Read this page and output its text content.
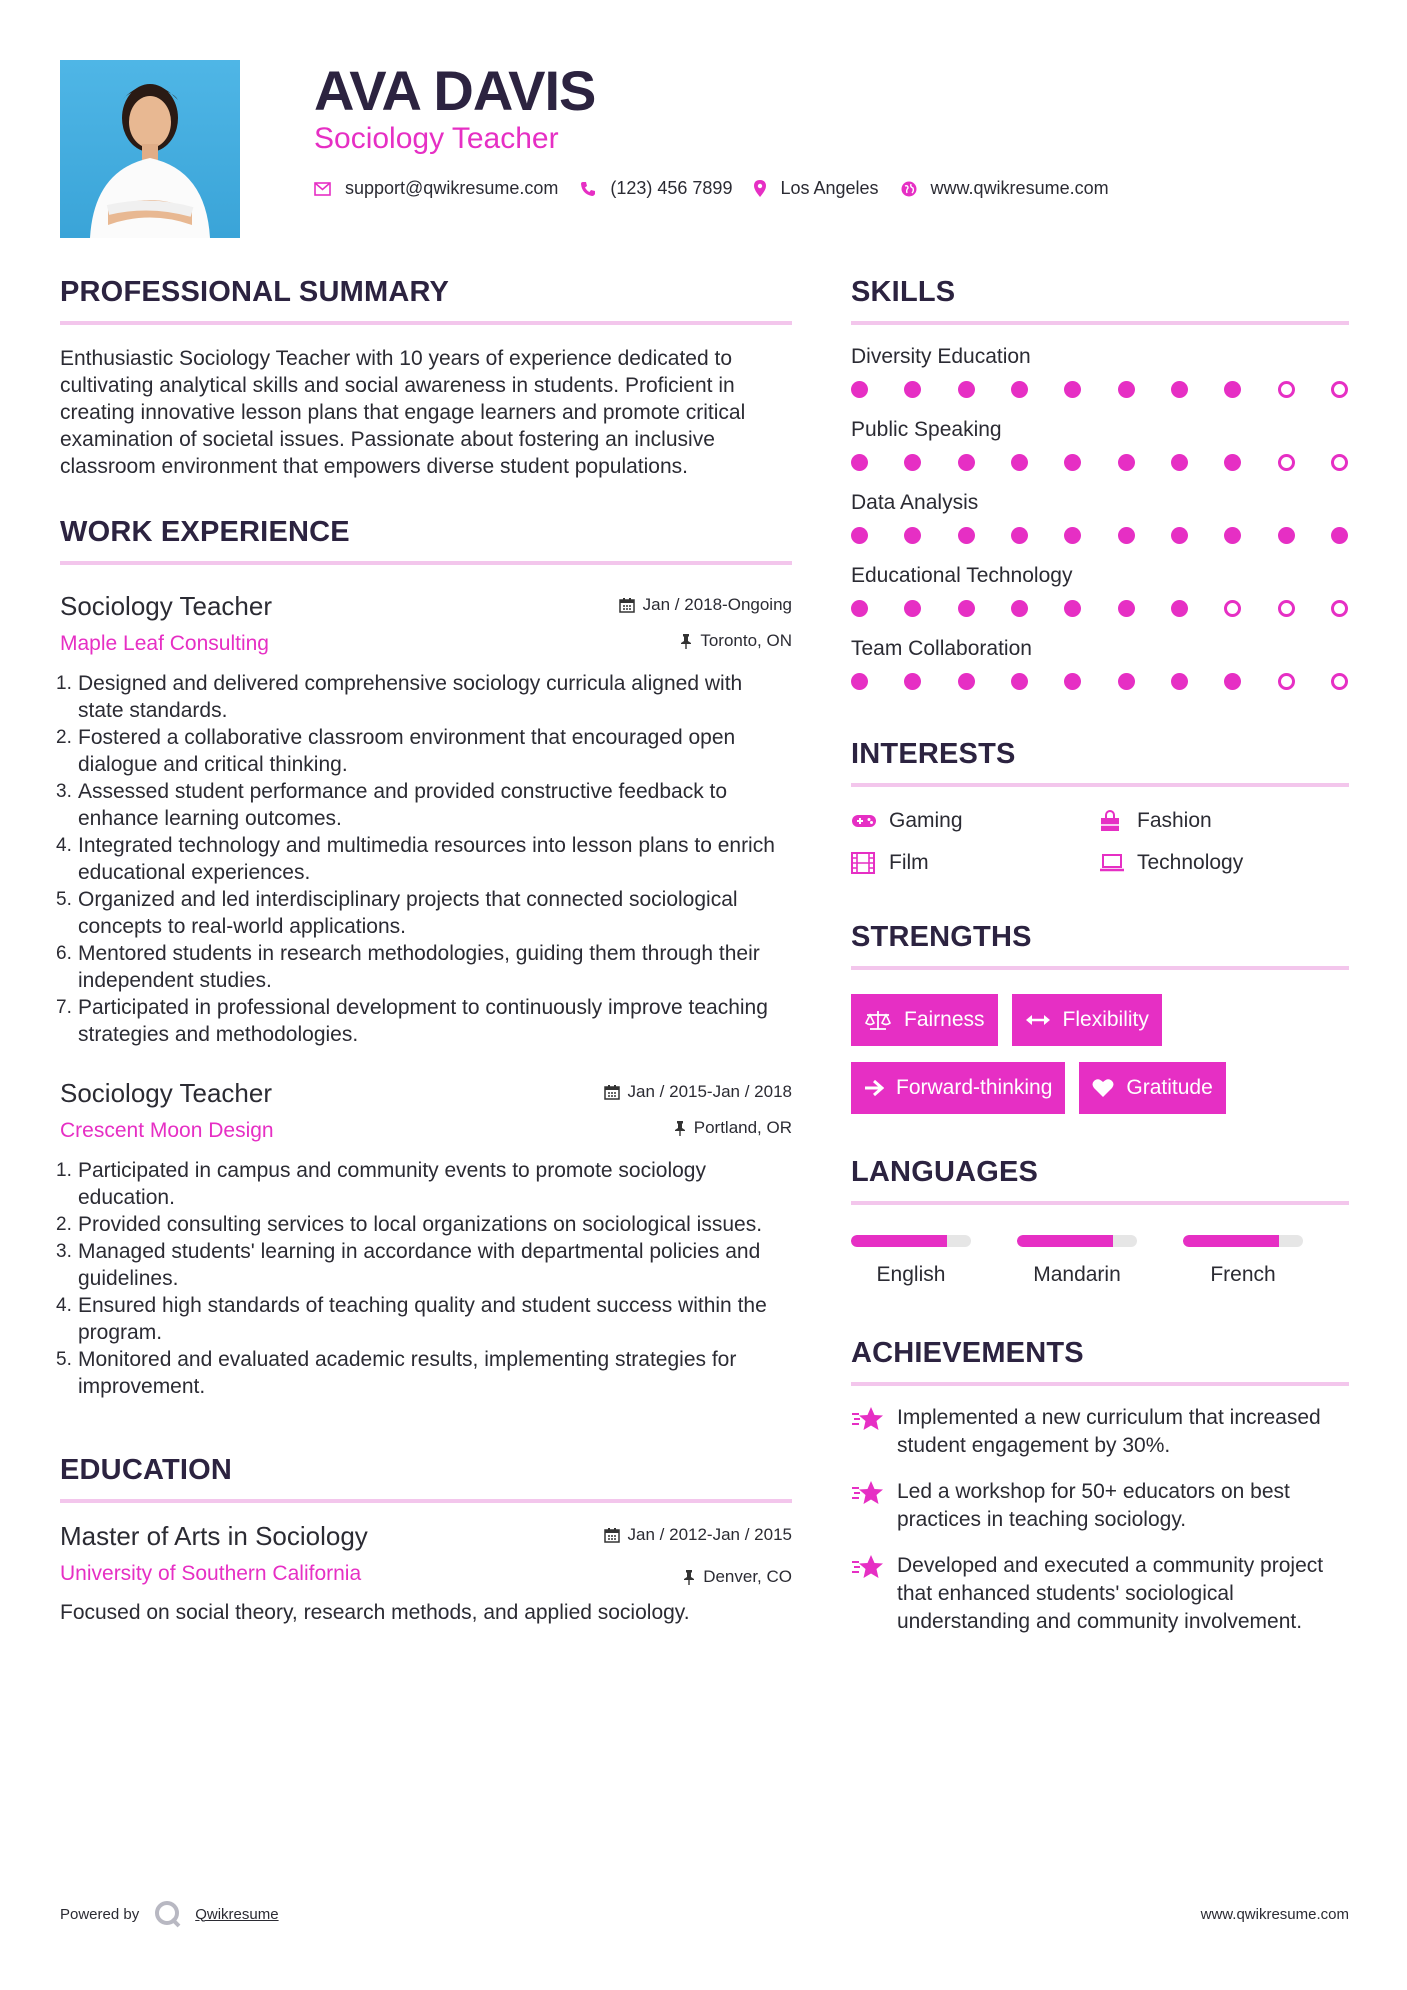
AVA DAVIS
Sociology Teacher
support@qwikresume.com	(123) 456 7899	Los Angeles	www.qwikresume.com
PROFESSIONAL SUMMARY

Enthusiastic Sociology Teacher with 10 years of experience dedicated to cultivating analytical skills and social awareness in students. Proficient in creating innovative lesson plans that engage learners and promote critical examination of societal issues. Passionate about fostering an inclusive classroom environment that empowers diverse student populations.

WORK EXPERIENCE
Sociology Teacher
Maple Leaf Consulting
Jan / 2018-Ongoing
Toronto, ON
Designed and delivered comprehensive sociology curricula aligned with state standards.
Fostered a collaborative classroom environment that encouraged open dialogue and critical thinking.
Assessed student performance and provided constructive feedback to enhance learning outcomes.
Integrated technology and multimedia resources into lesson plans to enrich educational experiences.
Organized and led interdisciplinary projects that connected sociological concepts to real-world applications.
Mentored students in research methodologies, guiding them through their independent studies.
Participated in professional development to continuously improve teaching strategies and methodologies.
Sociology Teacher
Crescent Moon Design
Jan / 2015-Jan / 2018
Portland, OR
Participated in campus and community events to promote sociology education.
Provided consulting services to local organizations on sociological issues.
Managed students' learning in accordance with departmental policies and guidelines.
Ensured high standards of teaching quality and student success within the program.
Monitored and evaluated academic results, implementing strategies for improvement.
EDUCATION
Master of Arts in Sociology
University of Southern California
Jan / 2012-Jan / 2015
Denver, CO

Focused on social theory, research methods, and applied sociology.

SKILLS
Diversity Education
Public Speaking
Data Analysis
Educational Technology
Team Collaboration
INTERESTS
Gaming	Fashion
Film	Technology
STRENGTHS
Fairness	Flexibility
Forward-thinking	Gratitude
LANGUAGES
English	Mandarin	French
ACHIEVEMENTS
Implemented a new curriculum that increased student engagement by 30%.
Led a workshop for 50+ educators on best practices in teaching sociology.
Developed and executed a community project that enhanced students' sociological understanding and community involvement.
Powered by	Qwikresume	www.qwikresume.com
